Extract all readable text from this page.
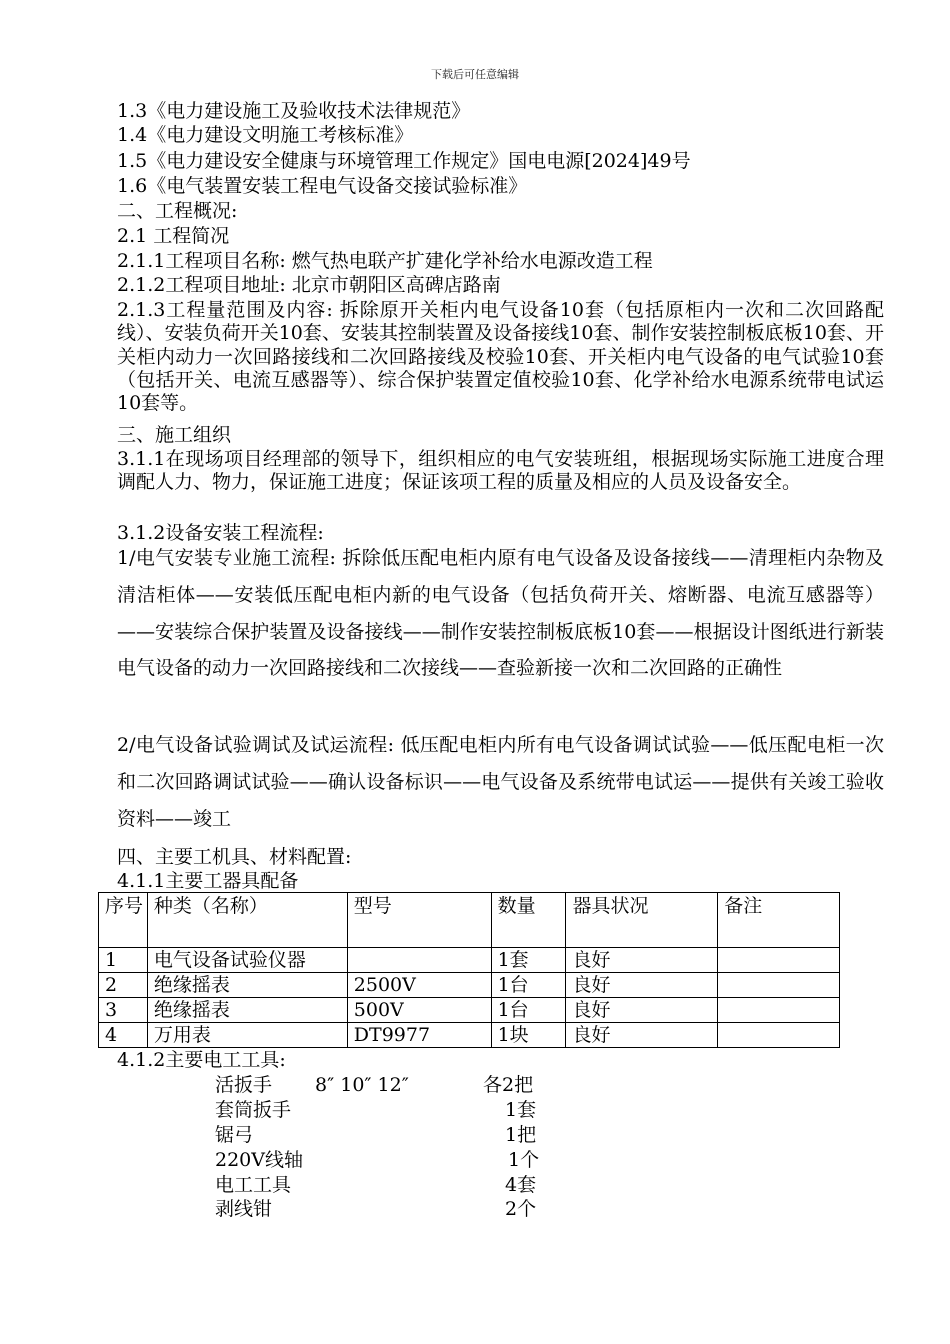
下载后可任意编辑
1.3《电力建设施工及验收技术法律规范》
1.4《电力建设文明施工考核标准》
1.5《电力建设安全健康与环境管理工作规定》国电电源[2024]49号
1.6《电气装置安装工程电气设备交接试验标准》
二、工程概况:
2.1 工程简况
2.1.1工程项目名称: 燃气热电联产扩建化学补给水电源改造工程
2.1.2工程项目地址: 北京市朝阳区高碑店路南
2.1.3工程量范围及内容: 拆除原开关柜内电气设备10套（包括原柜内一次和二次回路配线）、安装负荷开关10套、安装其控制装置及设备接线10套、制作安装控制板底板10套、开关柜内动力一次回路接线和二次回路接线及校验10套、开关柜内电气设备的电气试验10套（包括开关、电流互感器等）、综合保护装置定值校验10套、化学补给水电源系统带电试运10套等。
三、施工组织
3.1.1在现场项目经理部的领导下，组织相应的电气安装班组，根据现场实际施工进度合理调配人力、物力，保证施工进度；保证该项工程的质量及相应的人员及设备安全。
3.1.2设备安装工程流程:
1/电气安装专业施工流程: 拆除低压配电柜内原有电气设备及设备接线——清理柜内杂物及清洁柜体——安装低压配电柜内新的电气设备（包括负荷开关、熔断器、电流互感器等）——安装综合保护装置及设备接线——制作安装控制板底板10套——根据设计图纸进行新装电气设备的动力一次回路接线和二次接线——查验新接一次和二次回路的正确性
2/电气设备试验调试及试运流程: 低压配电柜内所有电气设备调试试验——低压配电柜一次和二次回路调试试验——确认设备标识——电气设备及系统带电试运——提供有关竣工验收资料——竣工
四、主要工机具、材料配置:
4.1.1主要工器具配备
序号	种类（名称）	型号	数量	器具状况	备注
1	电气设备试验仪器		1套	良好	
2	绝缘摇表	2500V	1台	良好	
3	绝缘摇表	500V	1台	良好	
4	万用表	DT9977	1块	良好	
4.1.2主要电工工具:
活扳手 8″ 10″ 12″	各2把
套筒扳手	1套
锯弓	1把
220V线轴	1个
电工工具	4套
剥线钳	2个
